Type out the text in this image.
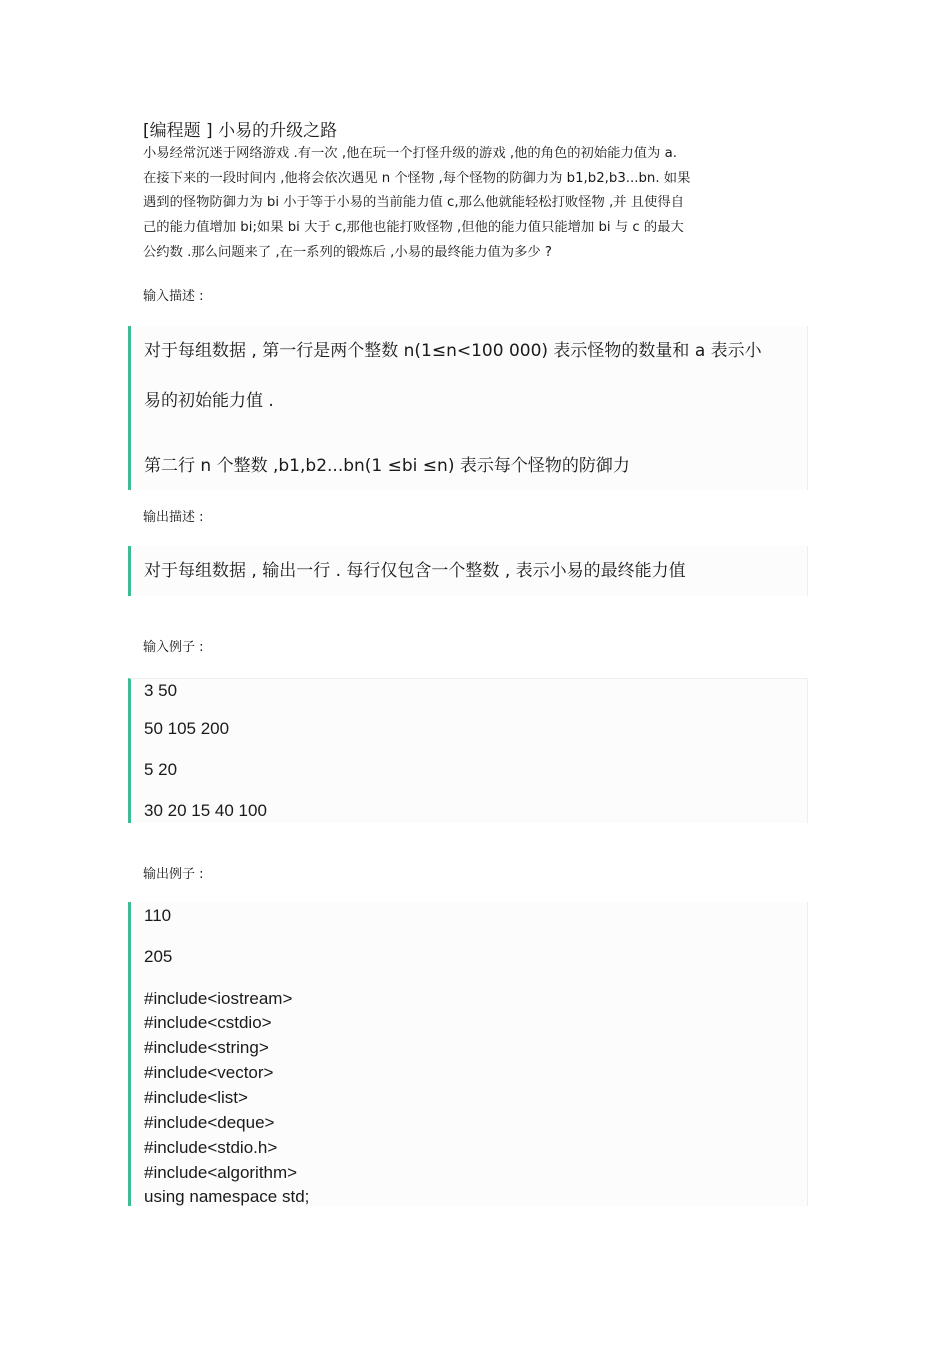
[编程题 ] 小易的升级之路
小易经常沉迷于网络游戏 .有一次 ,他在玩一个打怪升级的游戏 ,他的角色的初始能力值为 a.
在接下来的一段时间内 ,他将会依次遇见 n 个怪物 ,每个怪物的防御力为 b1,b2,b3...bn. 如果
遇到的怪物防御力为 bi 小于等于小易的当前能力值 c,那么他就能轻松打败怪物 ,并 且使得自
己的能力值增加 bi;如果 bi 大于 c,那他也能打败怪物 ,但他的能力值只能增加 bi 与 c 的最大
公约数 .那么问题来了 ,在一系列的锻炼后 ,小易的最终能力值为多少 ?
输入描述 :
对于每组数据 , 第一行是两个整数 n(1≤n<100 000) 表示怪物的数量和 a 表示小
易的初始能力值 .
第二行 n 个整数 ,b1,b2...bn(1 ≤bi ≤n) 表示每个怪物的防御力
输出描述 :
对于每组数据 , 输出一行 . 每行仅包含一个整数 , 表示小易的最终能力值
输入例子 :
3 50
50 105 200
5 20
30 20 15 40 100
输出例子 :
110
205
#include<iostream>
#include<cstdio>
#include<string>
#include<vector>
#include<list>
#include<deque>
#include<stdio.h>
#include<algorithm>
using namespace std;
